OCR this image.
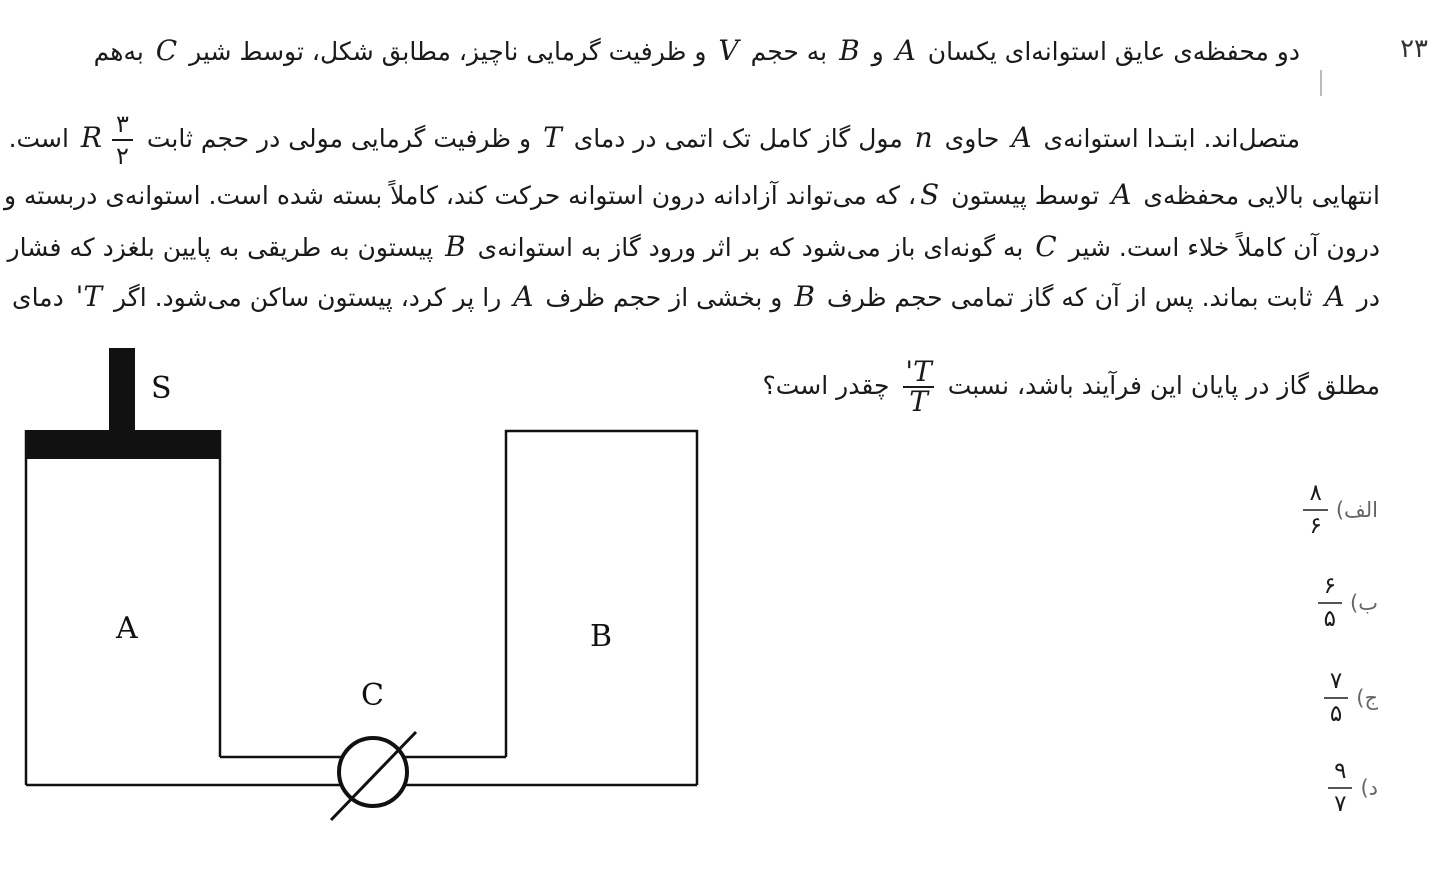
۲۳
دو محفظه‌ی عایق استوانه‌ای یکسان A و B به حجم V و ظرفیت گرمایی ناچیز، مطابق شکل، توسط شیر C به‌هم
متصل‌اند. ابتـدا استوانه‌ی A حاوی n مول گاز کامل تک اتمی در دمای T و ظرفیت گرمایی مولی در حجم ثابت
$\frac{۳}{۲}$
R است.
انتهایی بالایی محفظه‌ی A توسط پیستون S، که می‌تواند آزادانه درون استوانه حرکت کند، کاملاً بسته شده است. استوانه‌ی دربسته و
درون آن کاملاً خلاء است. شیر C به گونه‌ای باز می‌شود که بر اثر ورود گاز به استوانه‌ی B پیستون به طریقی به پایین بلغزد که فشار
در A ثابت بماند. پس از آن که گاز تمامی حجم ظرف B و بخشی از حجم ظرف A را پر کرد، پیستون ساکن می‌شود. اگر T' دمای
مطلق گاز در پایان این فرآیند باشد، نسبت
$\frac{T'}{T}$
چقدر است؟
S
A	B
C
الف)
۸
۶
ب)
۶
۵
ج)
۷
۵
د)
۹
۷
